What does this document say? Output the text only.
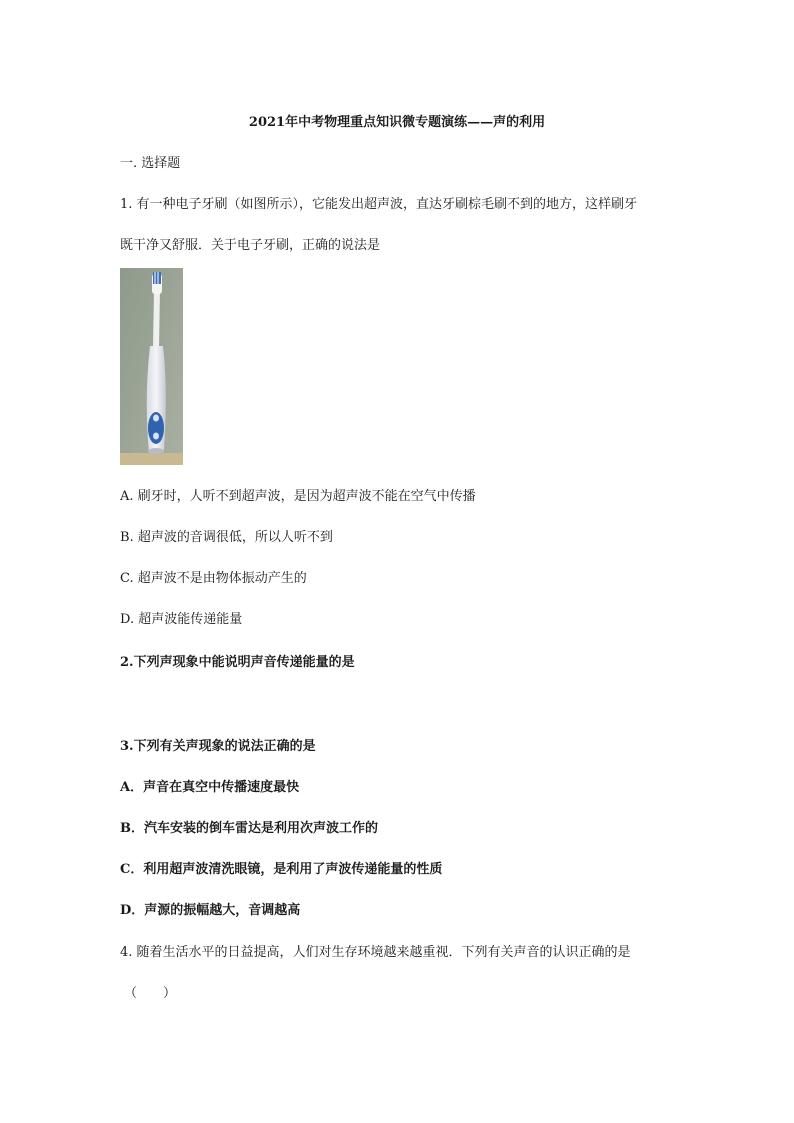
2021年中考物理重点知识微专题演练——声的利用
一. 选择题
1. 有一种电子牙刷（如图所示），它能发出超声波，直达牙刷棕毛刷不到的地方，这样刷牙
既干净又舒服．关于电子牙刷，正确的说法是
A. 刷牙时，人听不到超声波，是因为超声波不能在空气中传播
B. 超声波的音调很低，所以人听不到
C. 超声波不是由物体振动产生的
D. 超声波能传递能量
2.下列声现象中能说明声音传递能量的是
3.下列有关声现象的说法正确的是
A．声音在真空中传播速度最快
B．汽车安装的倒车雷达是利用次声波工作的
C．利用超声波清洗眼镜，是利用了声波传递能量的性质
D．声源的振幅越大，音调越高
4. 随着生活水平的日益提高，人们对生存环境越来越重视．下列有关声音的认识正确的是
（　　）
